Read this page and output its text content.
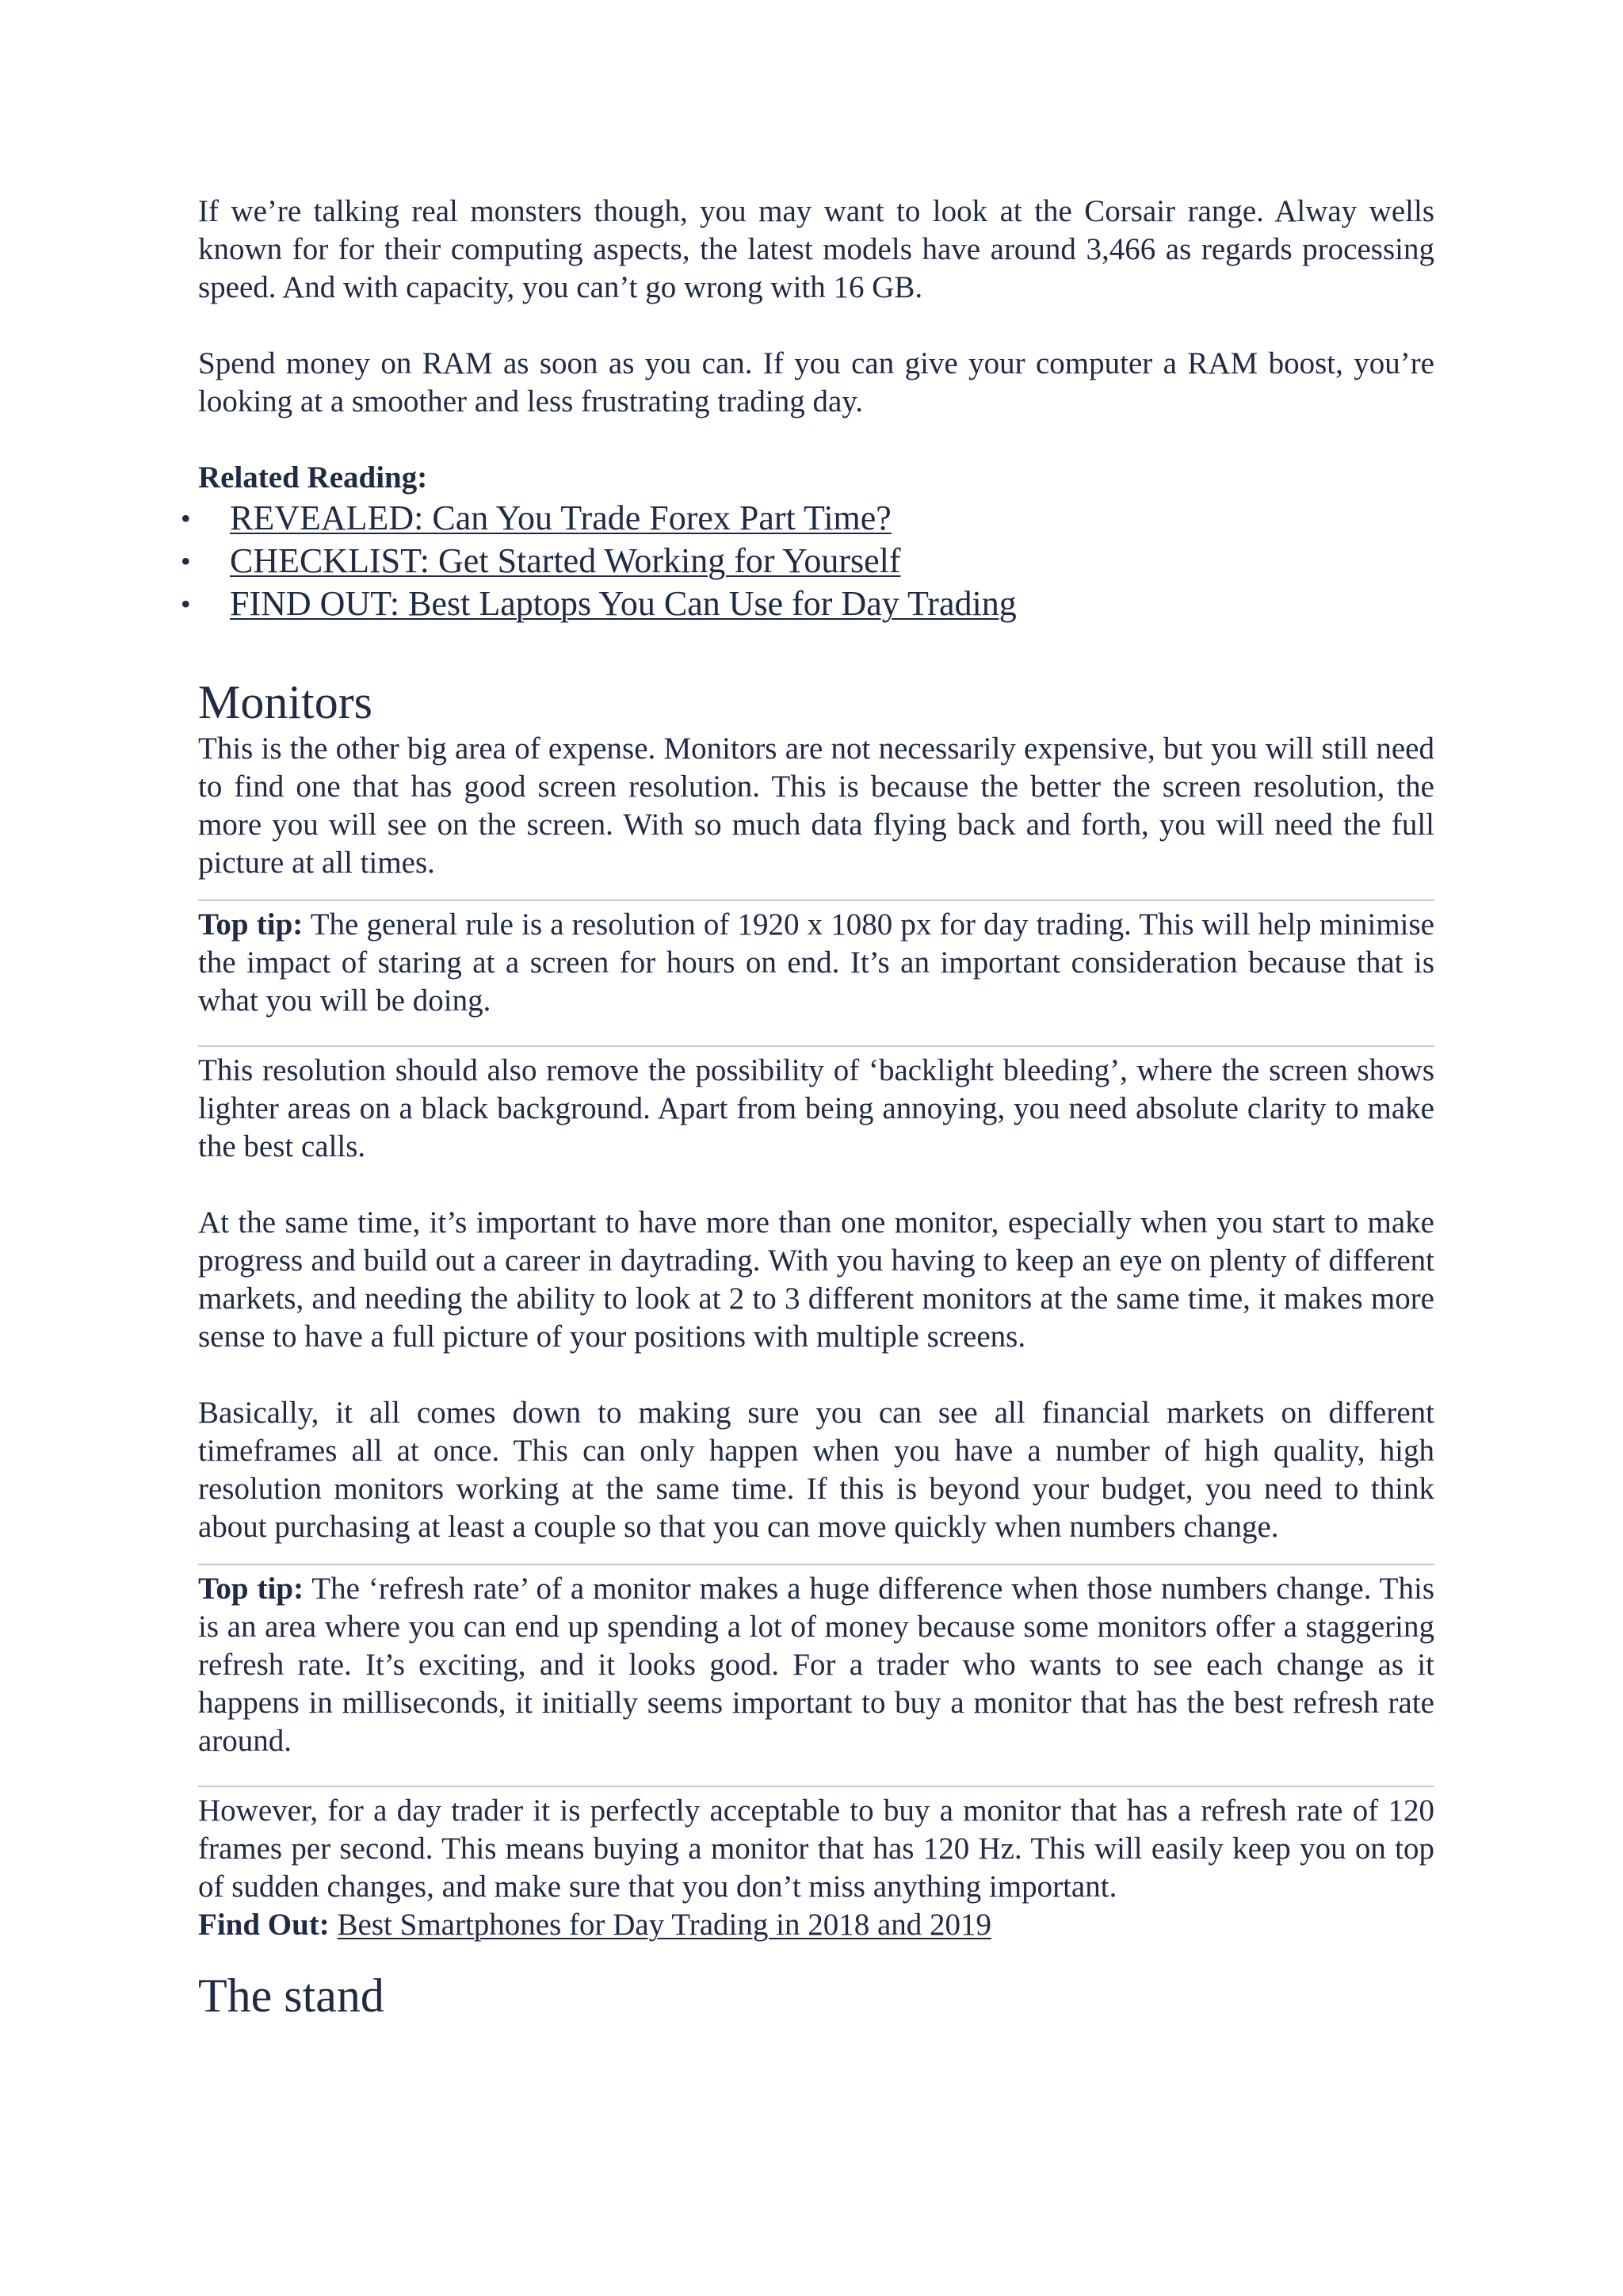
If we’re talking real monsters though, you may want to look at the Corsair range. Alway wells known for for their computing aspects, the latest models have around 3,466 as regards processing speed. And with capacity, you can’t go wrong with 16 GB.

Spend money on RAM as soon as you can. If you can give your computer a RAM boost, you’re looking at a smoother and less frustrating trading day.

Related Reading:
• REVEALED: Can You Trade Forex Part Time?
• CHECKLIST: Get Started Working for Yourself
• FIND OUT: Best Laptops You Can Use for Day Trading
Monitors

This is the other big area of expense. Monitors are not necessarily expensive, but you will still need to find one that has good screen resolution. This is because the better the screen resolution, the more you will see on the screen. With so much data flying back and forth, you will need the full picture at all times.

Top tip: The general rule is a resolution of 1920 x 1080 px for day trading. This will help minimise the impact of staring at a screen for hours on end. It’s an important consideration because that is what you will be doing.

This resolution should also remove the possibility of ‘backlight bleeding’, where the screen shows lighter areas on a black background. Apart from being annoying, you need absolute clarity to make the best calls.

At the same time, it’s important to have more than one monitor, especially when you start to make progress and build out a career in daytrading. With you having to keep an eye on plenty of different markets, and needing the ability to look at 2 to 3 different monitors at the same time, it makes more sense to have a full picture of your positions with multiple screens.

Basically, it all comes down to making sure you can see all financial markets on different timeframes all at once. This can only happen when you have a number of high quality, high resolution monitors working at the same time. If this is beyond your budget, you need to think about purchasing at least a couple so that you can move quickly when numbers change.

Top tip: The ‘refresh rate’ of a monitor makes a huge difference when those numbers change. This is an area where you can end up spending a lot of money because some monitors offer a staggering refresh rate. It’s exciting, and it looks good. For a trader who wants to see each change as it happens in milliseconds, it initially seems important to buy a monitor that has the best refresh rate around.

However, for a day trader it is perfectly acceptable to buy a monitor that has a refresh rate of 120 frames per second. This means buying a monitor that has 120 Hz. This will easily keep you on top of sudden changes, and make sure that you don’t miss anything important.

Find Out: Best Smartphones for Day Trading in 2018 and 2019

The stand
